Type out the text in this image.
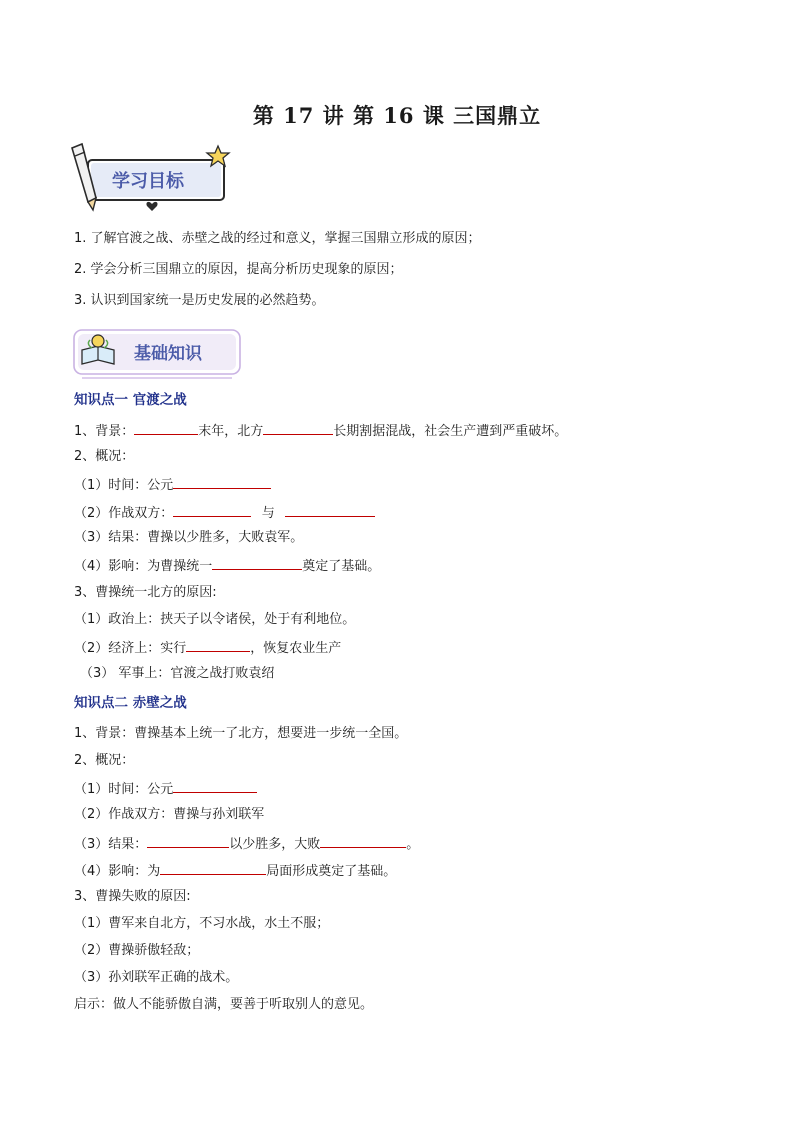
第 17 讲 第 16 课 三国鼎立
学习目标
1. 了解官渡之战、赤壁之战的经过和意义，掌握三国鼎立形成的原因；
2. 学会分析三国鼎立的原因，提高分析历史现象的原因；
3. 认识到国家统一是历史发展的必然趋势。
基础知识
知识点一 官渡之战
1、背景：	末年，北方	长期割据混战，社会生产遭到严重破坏。
2、概况：
（1）时间：公元
（2）作战双方：	与
（3）结果：曹操以少胜多，大败袁军。
（4）影响：为曹操统一	奠定了基础。
3、曹操统一北方的原因:
（1）政治上：挟天子以令诸侯，处于有利地位。
（2）经济上：实行	，恢复农业生产
（3） 军事上：官渡之战打败袁绍
知识点二 赤壁之战
1、背景：曹操基本上统一了北方，想要进一步统一全国。
2、概况：
（1）时间：公元
（2）作战双方：曹操与孙刘联军
（3）结果：	以少胜多，大败	。
（4）影响：为	局面形成奠定了基础。
3、曹操失败的原因:
（1）曹军来自北方，不习水战，水土不服；
（2）曹操骄傲轻敌；
（3）孙刘联军正确的战术。
启示：做人不能骄傲自满，要善于听取别人的意见。
